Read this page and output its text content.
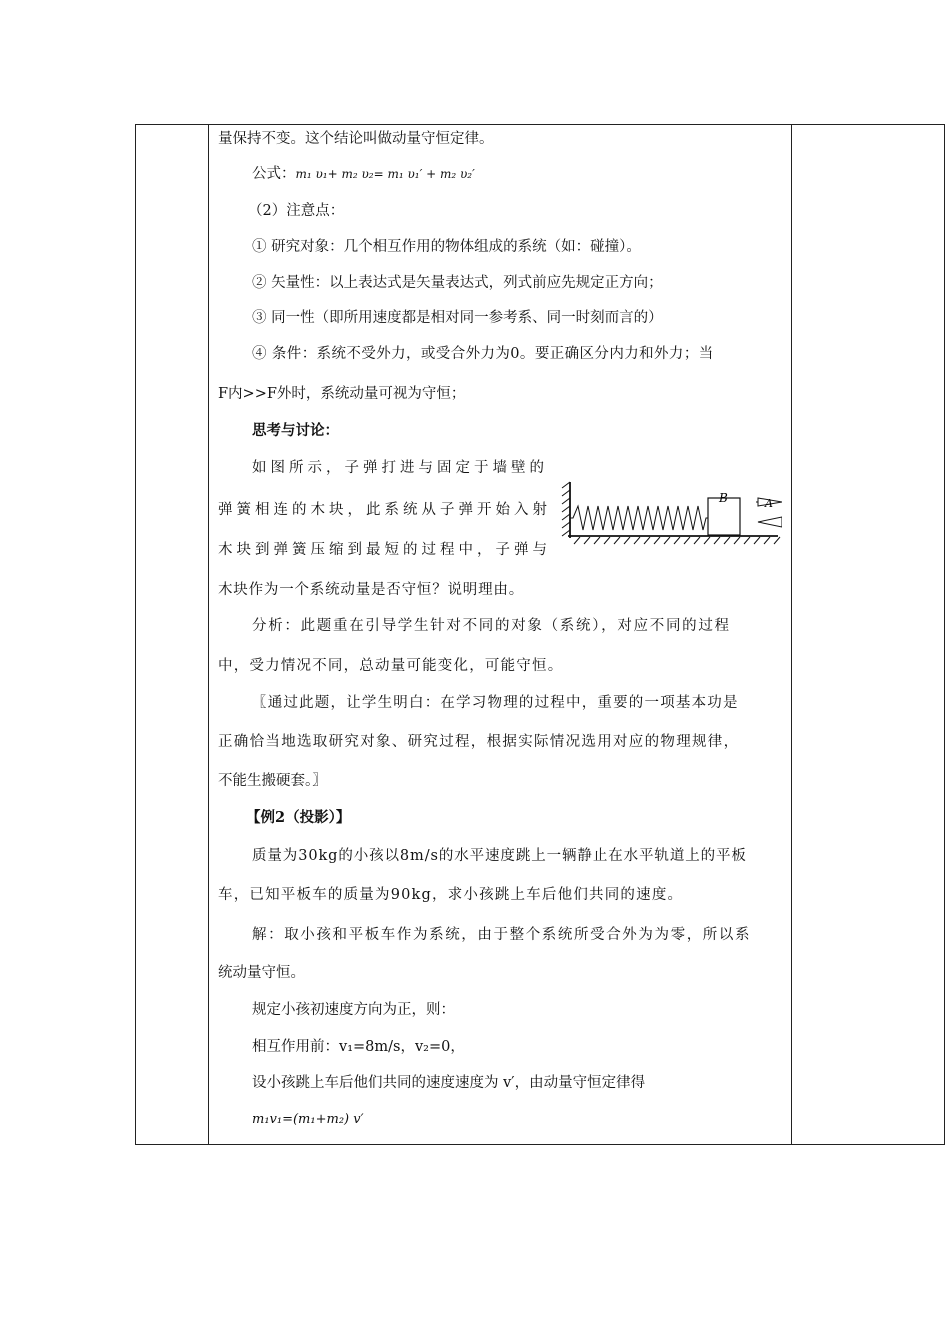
量保持不变。这个结论叫做动量守恒定律。
公式：m₁ υ₁+ m₂ υ₂= m₁ υ₁′ + m₂ υ₂′
（2）注意点：
① 研究对象：几个相互作用的物体组成的系统（如：碰撞）。
② 矢量性：以上表达式是矢量表达式，列式前应先规定正方向；
③ 同一性（即所用速度都是相对同一参考系、同一时刻而言的）
④ 条件：系统不受外力，或受合外力为0。要正确区分内力和外力；当
F内>>F外时，系统动量可视为守恒；
思考与讨论：
如图所示，子弹打进与固定于墙壁的
弹簧相连的木块，此系统从子弹开始入射
木块到弹簧压缩到最短的过程中，子弹与
木块作为一个系统动量是否守恒？说明理由。
分析：此题重在引导学生针对不同的对象（系统），对应不同的过程
中，受力情况不同，总动量可能变化，可能守恒。
〖通过此题，让学生明白：在学习物理的过程中，重要的一项基本功是
正确恰当地选取研究对象、研究过程，根据实际情况选用对应的物理规律，
不能生搬硬套。〗
【例2（投影）】
质量为30kg的小孩以8m/s的水平速度跳上一辆静止在水平轨道上的平板
车，已知平板车的质量为90kg，求小孩跳上车后他们共同的速度。
解：取小孩和平板车作为系统，由于整个系统所受合外为为零，所以系
统动量守恒。
规定小孩初速度方向为正，则：
相互作用前：v₁=8m/s，v₂=0，
设小孩跳上车后他们共同的速度速度为 v′，由动量守恒定律得
m₁v₁=(m₁+m₂) v′
B	A
